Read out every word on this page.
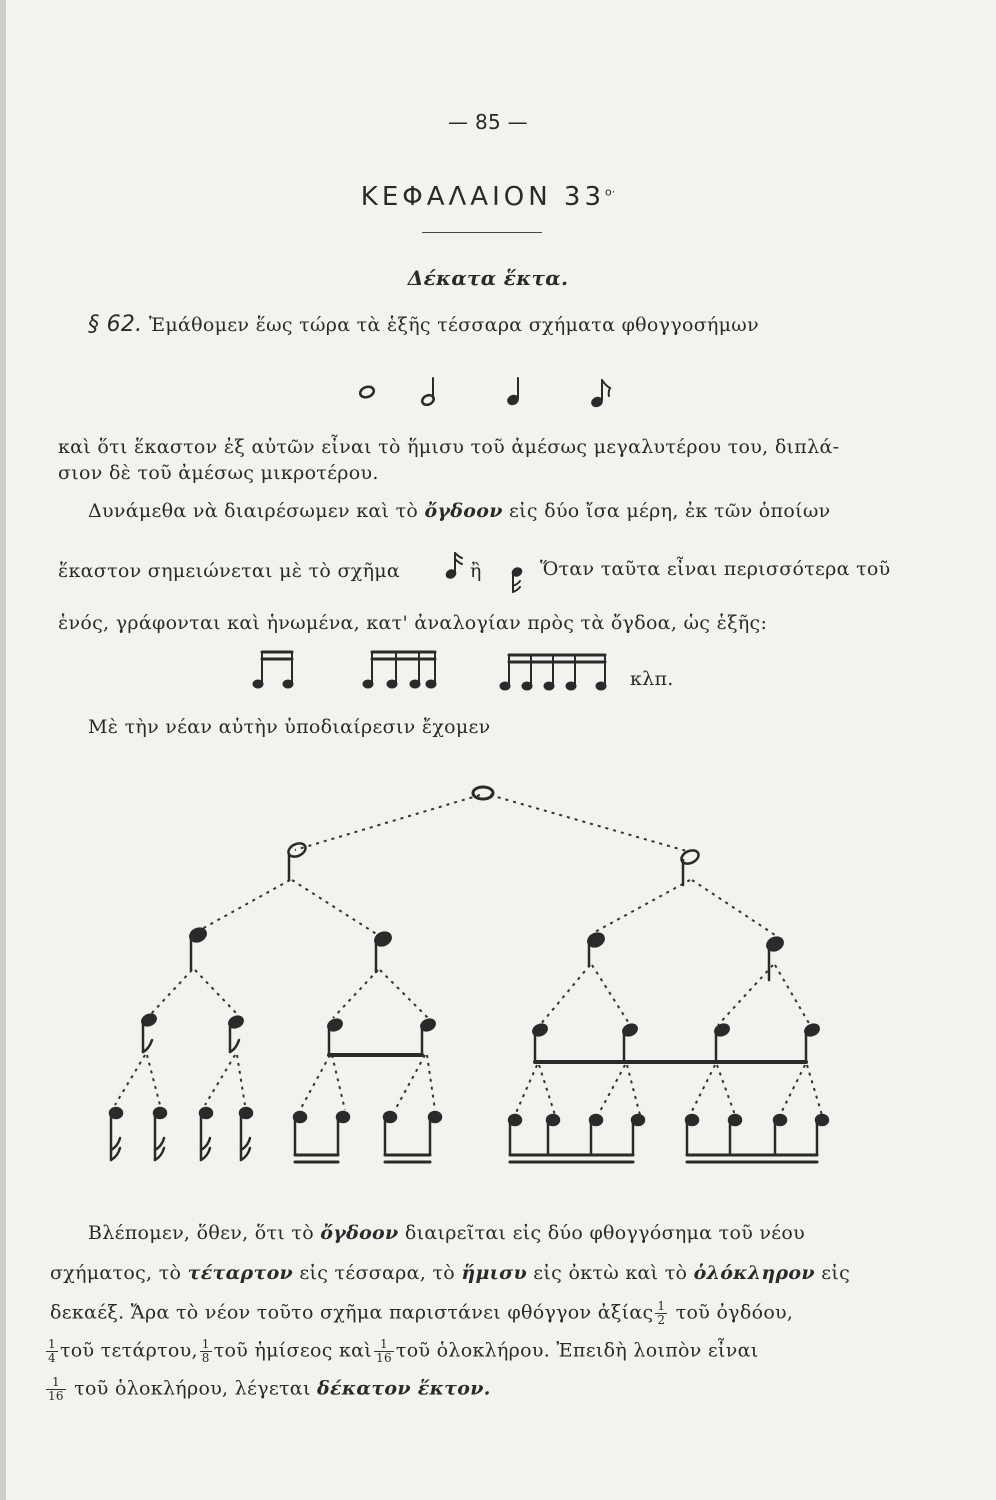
— 85 —
ΚΕΦΑΛΑΙΟΝ $33^{o\cdot}$
Δέκατα ἕκτα.
§ 62. Ἐμάθομεν ἕως τώρα τὰ ἑξῆς τέσσαρα σχήματα φθογγοσήμων
καὶ ὅτι ἕκαστον ἐξ αὐτῶν εἶναι τὸ ἥμισυ τοῦ ἀμέσως μεγαλυτέρου του, διπλά-
σιον δὲ τοῦ ἀμέσως μικροτέρου.
Δυνάμεθα νὰ διαιρέσωμεν καὶ τὸ ὄγδοον εἰς δύο ἴσα μέρη, ἐκ τῶν ὁποίων
ἕκαστον σημειώνεται μὲ τὸ σχῆμα	ἢ	Ὅταν ταῦτα εἶναι περισσότερα τοῦ
ἑνός, γράφονται καὶ ἡνωμένα, κατ' ἀναλογίαν πρὸς τὰ ὄγδοα, ὡς ἑξῆς:
κλπ.
Μὲ τὴν νέαν αὐτὴν ὑποδιαίρεσιν ἔχομεν
Βλέπομεν, ὅθεν, ὅτι τὸ ὄγδοον διαιρεῖται εἰς δύο φθογγόσημα τοῦ νέου
σχήματος, τὸ τέταρτον εἰς τέσσαρα, τὸ ἥμισυ εἰς ὀκτὼ καὶ τὸ ὁλόκληρον εἰς
δεκαέξ. Ἄρα τὸ νέον τοῦτο σχῆμα παριστάνει φθόγγον ἀξίας $\frac{1}{2}$ τοῦ ὀγδόου,
$\frac{1}{4}$ τοῦ τετάρτου, $\frac{1}{8}$ τοῦ ἡμίσεος καὶ $\frac{1}{16}$ τοῦ ὁλοκλήρου. Ἐπειδὴ λοιπὸν εἶναι
$\frac{1}{16}$ τοῦ ὁλοκλήρου, λέγεται δέκατον ἕκτον.
